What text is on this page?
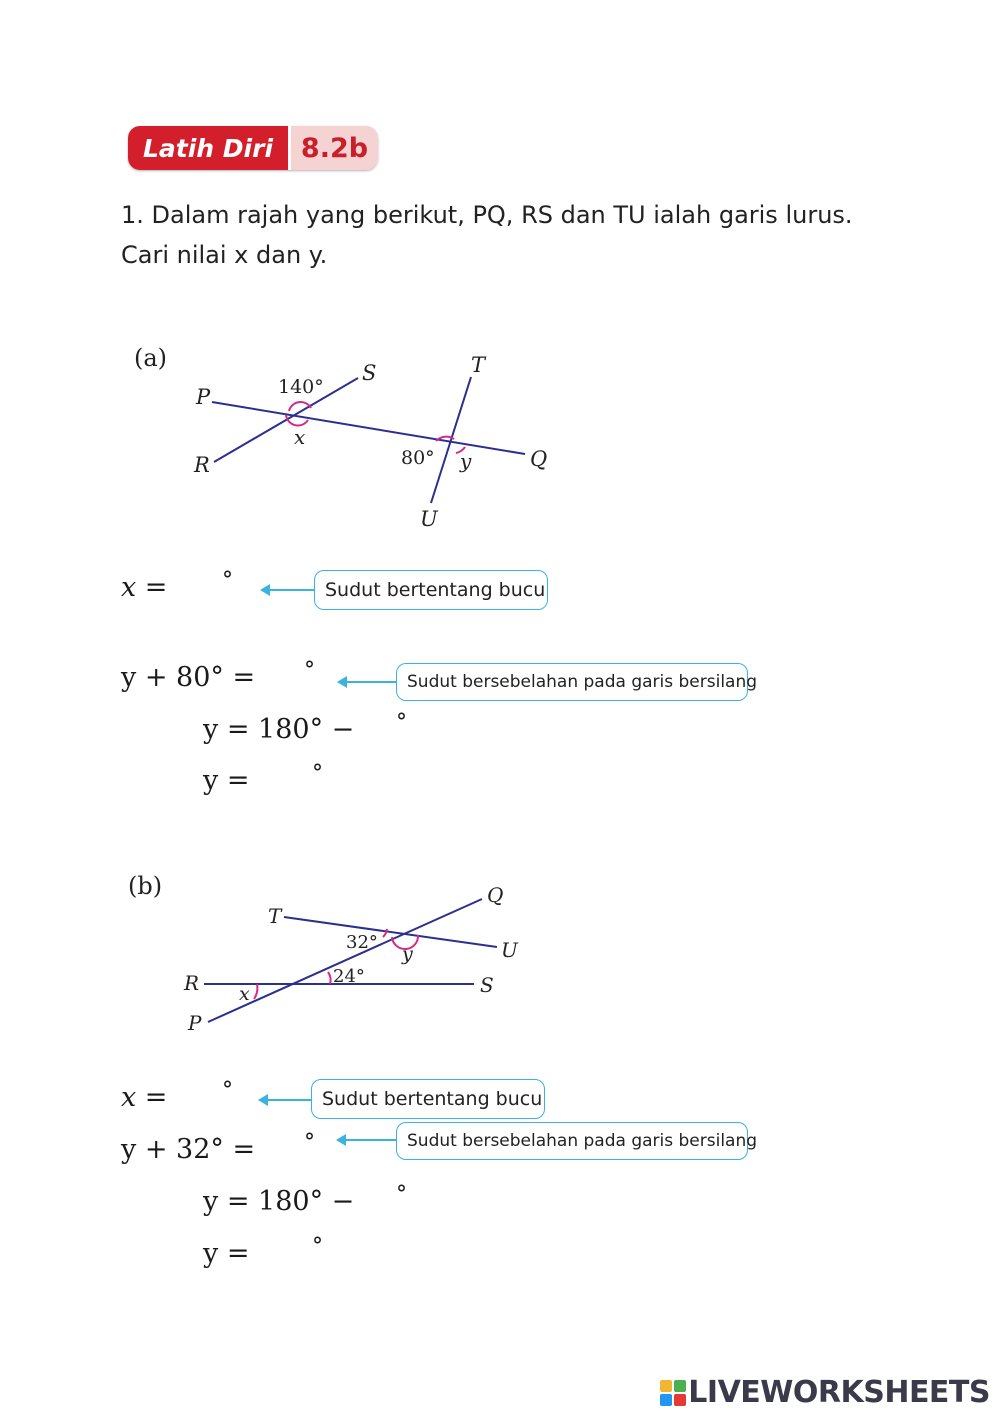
Latih Diri	8.2b
1. Dalam rajah yang berikut, PQ, RS dan TU ialah garis lurus.
Cari nilai x dan y.
(a)
P
Q
R
S	T
U
140°
x
80° y
x = °	Sudut bertentang bucu
y + 80° = °	Sudut bersebelahan pada garis bersilang
y = 180° − °
y =	°
(b)
T
U
Q
R	S
P
32°
y
24°
x
x = °	Sudut bertentang bucu
y + 32° = °	Sudut bersebelahan pada garis bersilang
y = 180° − °
y =	°
LIVEWORKSHEETS
